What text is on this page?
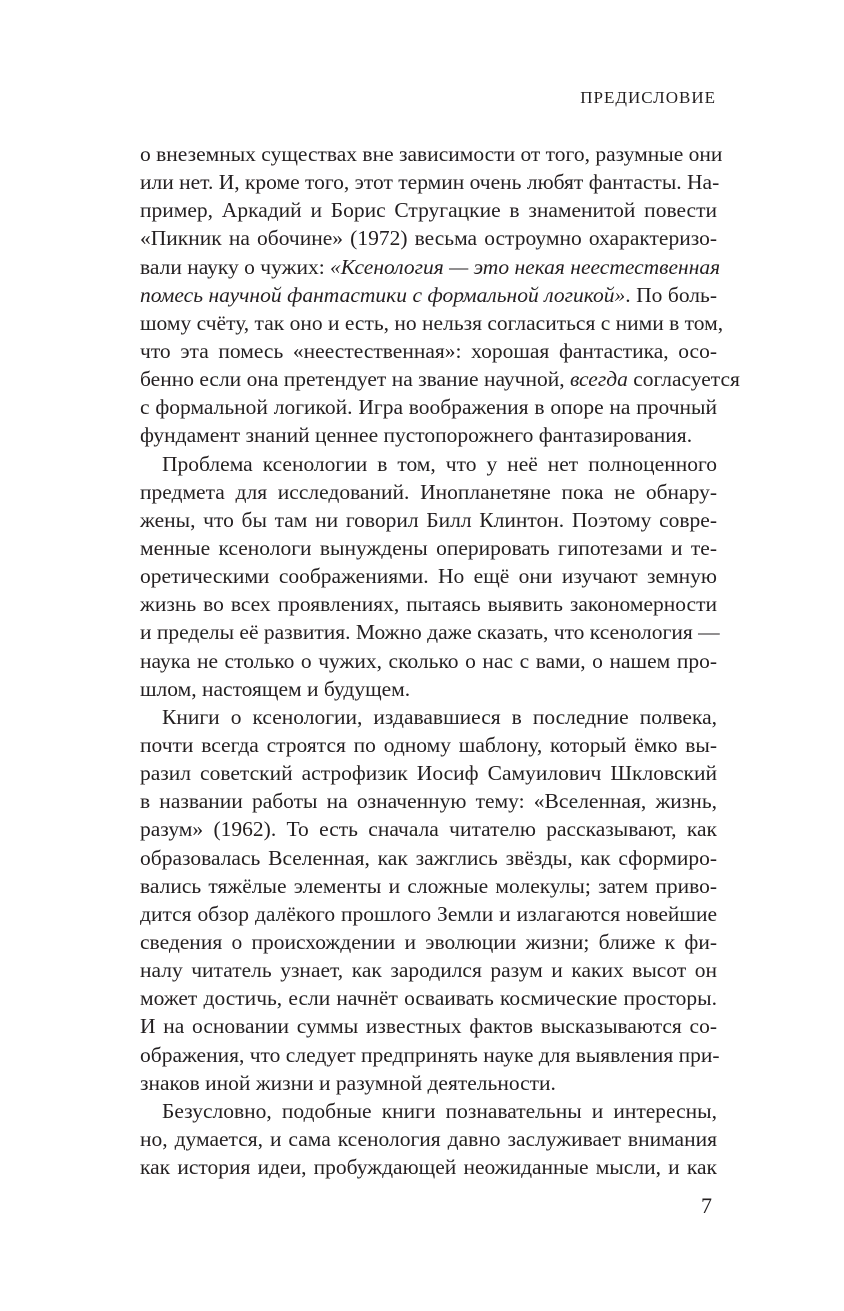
ПРЕДИСЛОВИЕ
о внеземных существах вне зависимости от того, разумные они
или нет. И, кроме того, этот термин очень любят фантасты. На-
пример, Аркадий и Борис Стругацкие в знаменитой повести
«Пикник на обочине» (1972) весьма остроумно охарактеризо-
вали науку о чужих: «Ксенология — это некая неестественная
помесь научной фантастики с формальной логикой». По боль-
шому счёту, так оно и есть, но нельзя согласиться с ними в том,
что эта помесь «неестественная»: хорошая фантастика, осо-
бенно если она претендует на звание научной, всегда согласуется
с формальной логикой. Игра воображения в опоре на прочный
фундамент знаний ценнее пустопорожнего фантазирования.
Проблема ксенологии в том, что у неё нет полноценного
предмета для исследований. Инопланетяне пока не обнару-
жены, что бы там ни говорил Билл Клинтон. Поэтому совре-
менные ксенологи вынуждены оперировать гипотезами и те-
оретическими соображениями. Но ещё они изучают земную
жизнь во всех проявлениях, пытаясь выявить закономерности
и пределы её развития. Можно даже сказать, что ксенология —
наука не столько о чужих, сколько о нас с вами, о нашем про-
шлом, настоящем и будущем.
Книги о ксенологии, издававшиеся в последние полвека,
почти всегда строятся по одному шаблону, который ёмко вы-
разил советский астрофизик Иосиф Самуилович Шкловский
в названии работы на означенную тему: «Вселенная, жизнь,
разум» (1962). То есть сначала читателю рассказывают, как
образовалась Вселенная, как зажглись звёзды, как сформиро-
вались тяжёлые элементы и сложные молекулы; затем приво-
дится обзор далёкого прошлого Земли и излагаются новейшие
сведения о происхождении и эволюции жизни; ближе к фи-
налу читатель узнает, как зародился разум и каких высот он
может достичь, если начнёт осваивать космические просторы.
И на основании суммы известных фактов высказываются со-
ображения, что следует предпринять науке для выявления при-
знаков иной жизни и разумной деятельности.
Безусловно, подобные книги познавательны и интересны,
но, думается, и сама ксенология давно заслуживает внимания
как история идеи, пробуждающей неожиданные мысли, и как
7
